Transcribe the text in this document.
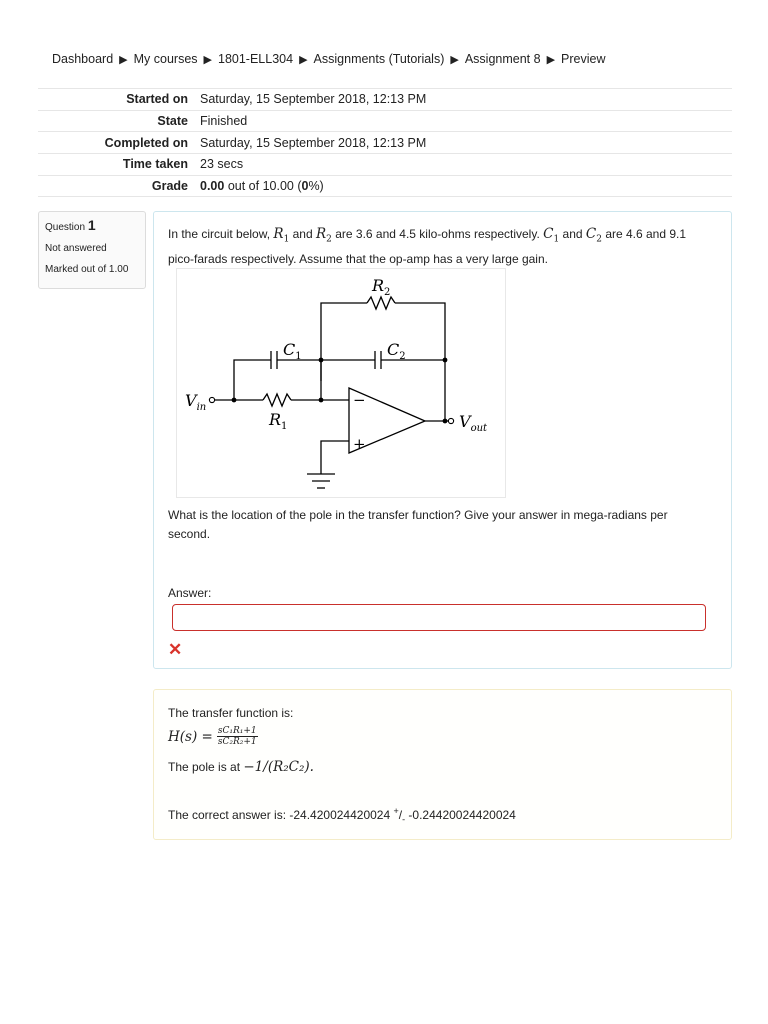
Dashboard ▶ My courses ▶ 1801-ELL304 ▶ Assignments (Tutorials) ▶ Assignment 8 ▶ Preview
Started on	Saturday, 15 September 2018, 12:13 PM
State	Finished
Completed on	Saturday, 15 September 2018, 12:13 PM
Time taken	23 secs
Grade	0.00 out of 10.00 (0%)
Question 1
Not answered
Marked out of 1.00
In the circuit below, $R_1$ and $R_2$ are 3.6 and 4.5 kilo-ohms respectively. $C_1$ and $C_2$ are 4.6 and 9.1 pico-farads respectively. Assume that the op-amp has a very large gain.
$R_2$
$C_1$	$C_2$
$V_{in}$
$R_1$	$V_{out}$
−
+
What is the location of the pole in the transfer function? Give your answer in mega-radians per second.
Answer:
✕
The transfer function is:
$H(s) = \frac{\text{sC₁R₁+1}}{\text{sC₂R₂+1}}$
The pole is at −1/(R₂C₂).
The correct answer is: -24.420024420024 $^+/_-$ -0.24420024420024
